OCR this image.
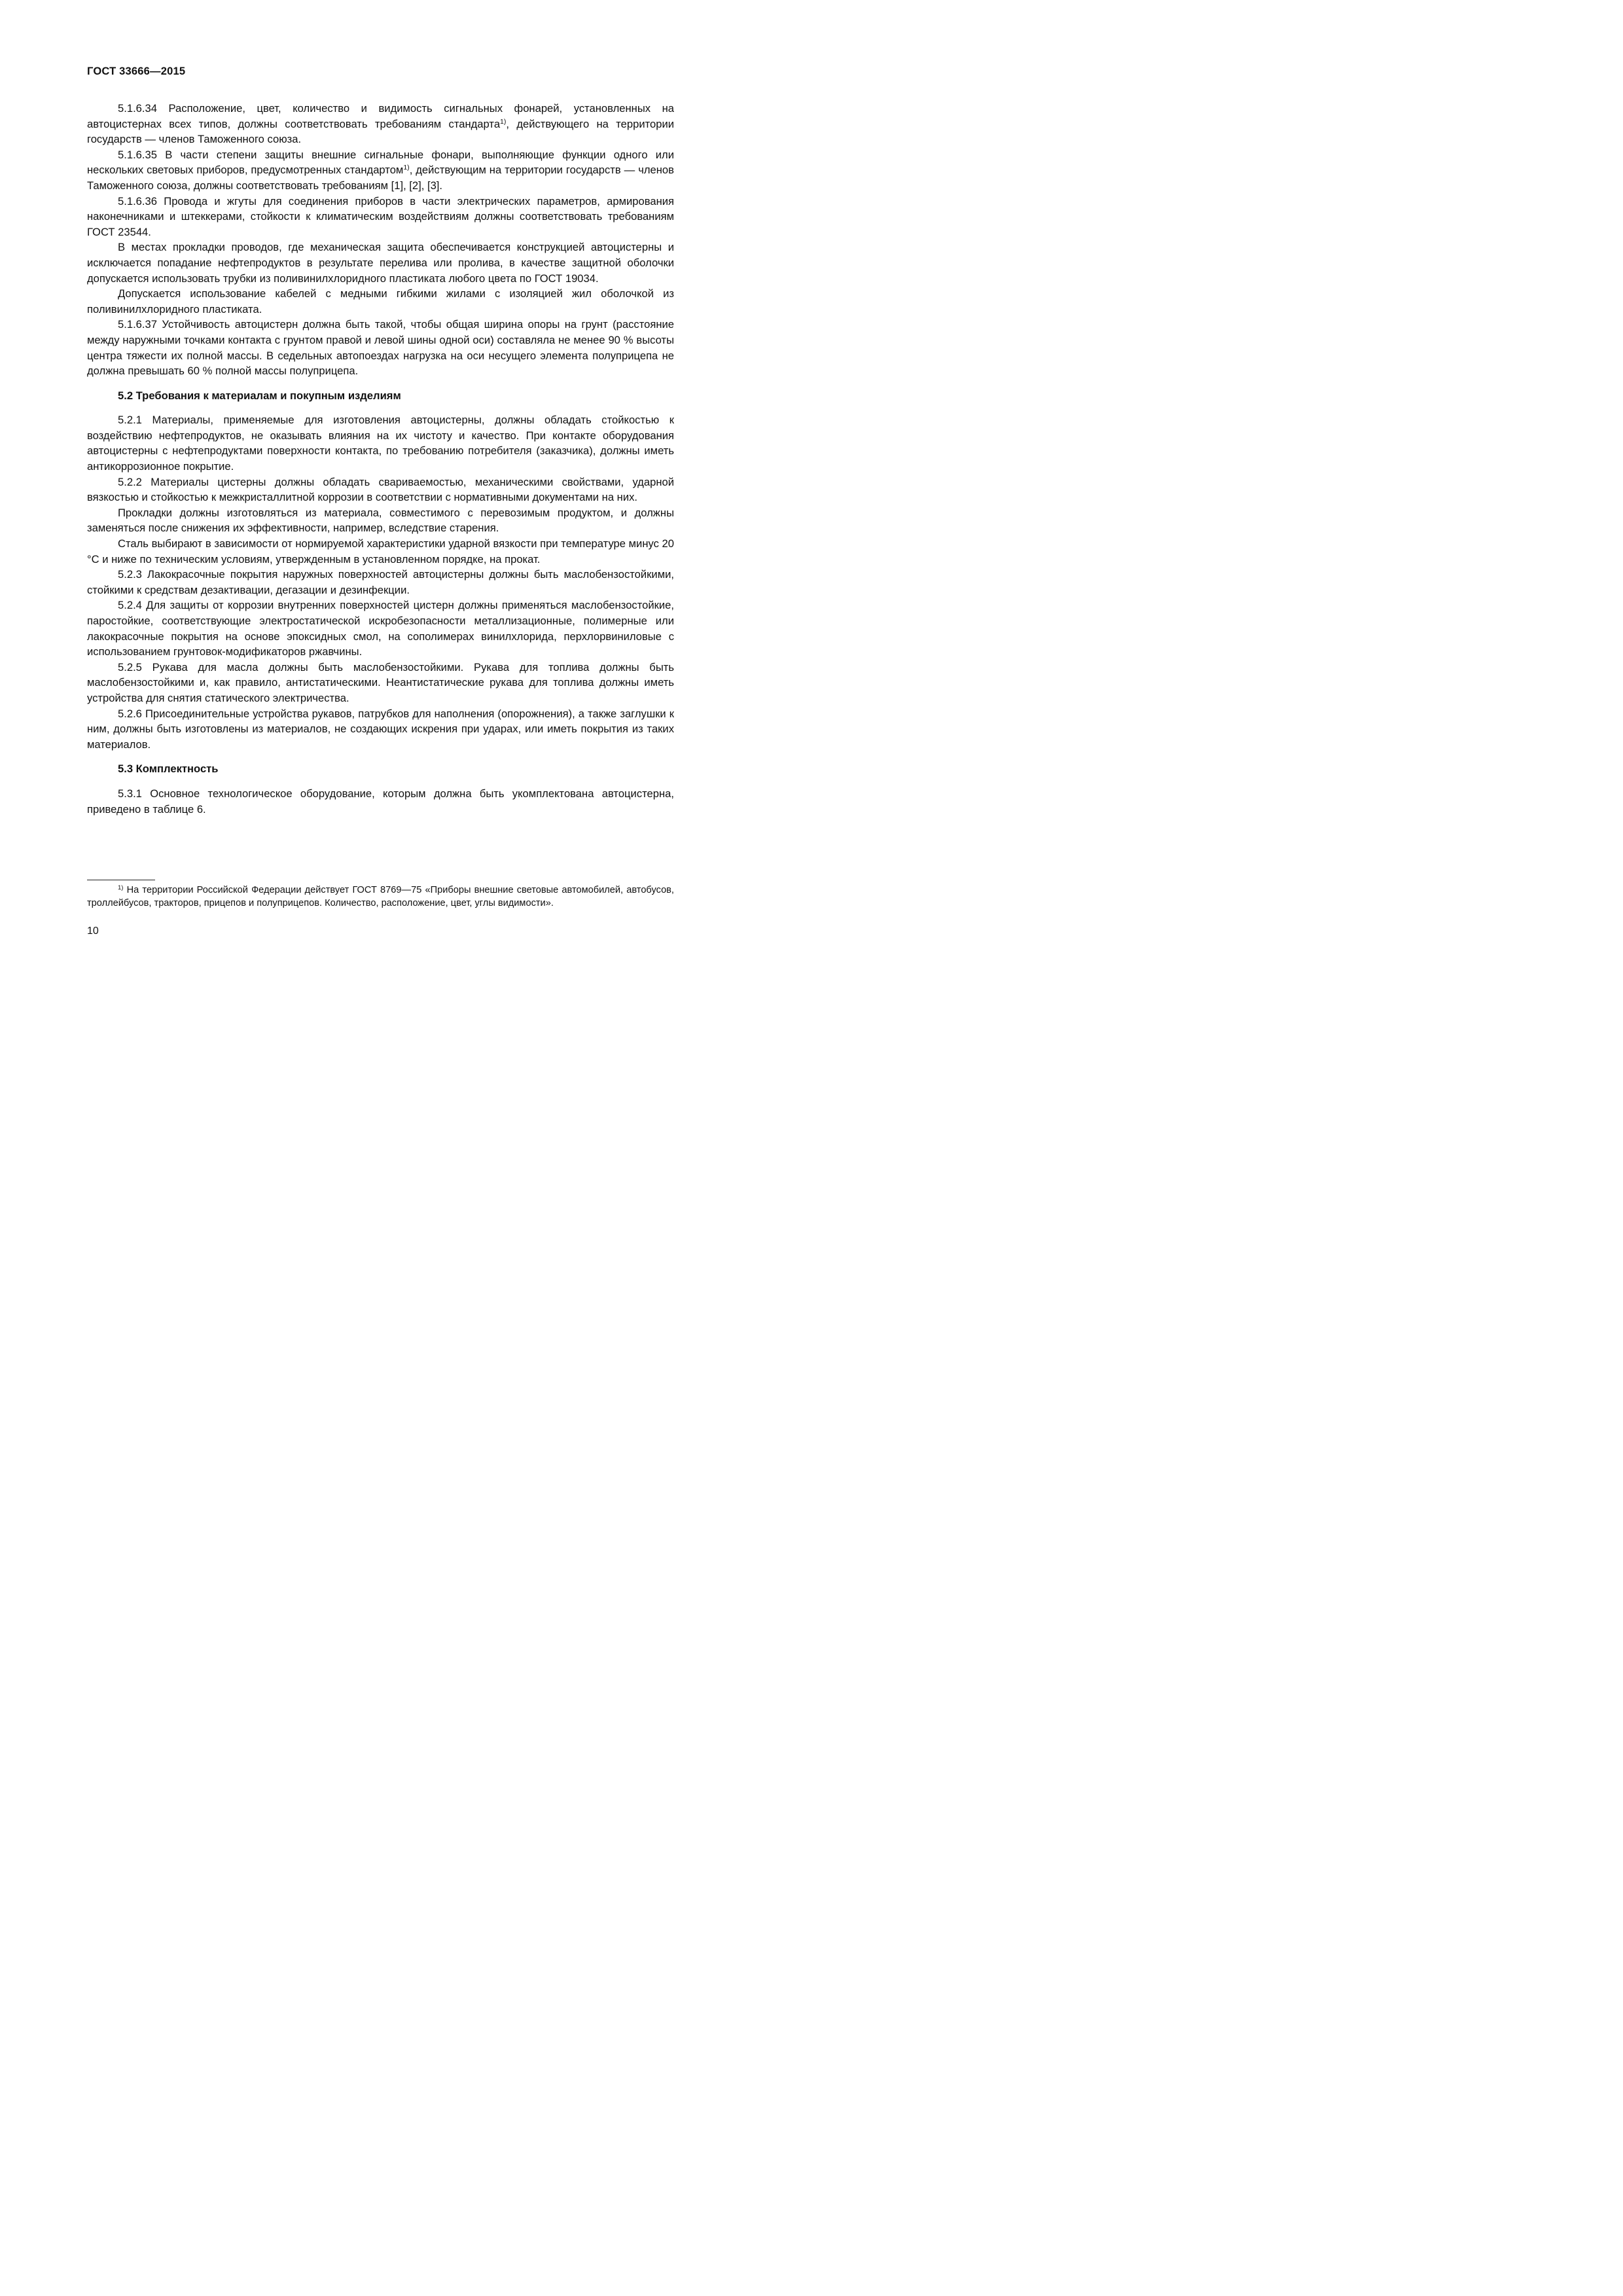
ГОСТ 33666—2015

5.1.6.34 Расположение, цвет, количество и видимость сигнальных фонарей, установленных на автоцистернах всех типов, должны соответствовать требованиям стандарта$^{1)}$, действующего на территории государств — членов Таможенного союза.

5.1.6.35 В части степени защиты внешние сигнальные фонари, выполняющие функции одного или нескольких световых приборов, предусмотренных стандартом$^{1)}$, действующим на территории государств — членов Таможенного союза, должны соответствовать требованиям [1], [2], [3].

5.1.6.36 Провода и жгуты для соединения приборов в части электрических параметров, армирования наконечниками и штеккерами, стойкости к климатическим воздействиям должны соответствовать требованиям ГОСТ 23544.

В местах прокладки проводов, где механическая защита обеспечивается конструкцией автоцистерны и исключается попадание нефтепродуктов в результате перелива или пролива, в качестве защитной оболочки допускается использовать трубки из поливинилхлоридного пластиката любого цвета по ГОСТ 19034.

Допускается использование кабелей с медными гибкими жилами с изоляцией жил оболочкой из поливинилхлоридного пластиката.

5.1.6.37 Устойчивость автоцистерн должна быть такой, чтобы общая ширина опоры на грунт (расстояние между наружными точками контакта с грунтом правой и левой шины одной оси) составляла не менее 90 % высоты центра тяжести их полной массы. В седельных автопоездах нагрузка на оси несущего элемента полуприцепа не должна превышать 60 % полной массы полуприцепа.

5.2 Требования к материалам и покупным изделиям

5.2.1 Материалы, применяемые для изготовления автоцистерны, должны обладать стойкостью к воздействию нефтепродуктов, не оказывать влияния на их чистоту и качество. При контакте оборудования автоцистерны с нефтепродуктами поверхности контакта, по требованию потребителя (заказчика), должны иметь антикоррозионное покрытие.

5.2.2 Материалы цистерны должны обладать свариваемостью, механическими свойствами, ударной вязкостью и стойкостью к межкристаллитной коррозии в соответствии с нормативными документами на них.

Прокладки должны изготовляться из материала, совместимого с перевозимым продуктом, и должны заменяться после снижения их эффективности, например, вследствие старения.

Сталь выбирают в зависимости от нормируемой характеристики ударной вязкости при температуре минус 20 °С и ниже по техническим условиям, утвержденным в установленном порядке, на прокат.

5.2.3 Лакокрасочные покрытия наружных поверхностей автоцистерны должны быть маслобензостойкими, стойкими к средствам дезактивации, дегазации и дезинфекции.

5.2.4 Для защиты от коррозии внутренних поверхностей цистерн должны применяться маслобензостойкие, паростойкие, соответствующие электростатической искробезопасности металлизационные, полимерные или лакокрасочные покрытия на основе эпоксидных смол, на сополимерах винилхлорида, перхлорвиниловые с использованием грунтовок-модификаторов ржавчины.

5.2.5 Рукава для масла должны быть маслобензостойкими. Рукава для топлива должны быть маслобензостойкими и, как правило, антистатическими. Неантистатические рукава для топлива должны иметь устройства для снятия статического электричества.

5.2.6 Присоединительные устройства рукавов, патрубков для наполнения (опорожнения), а также заглушки к ним, должны быть изготовлены из материалов, не создающих искрения при ударах, или иметь покрытия из таких материалов.

5.3 Комплектность

5.3.1 Основное технологическое оборудование, которым должна быть укомплектована автоцистерна, приведено в таблице 6.

$^{1)}$ На территории Российской Федерации действует ГОСТ 8769—75 «Приборы внешние световые автомобилей, автобусов, троллейбусов, тракторов, прицепов и полуприцепов. Количество, расположение, цвет, углы видимости».

10
